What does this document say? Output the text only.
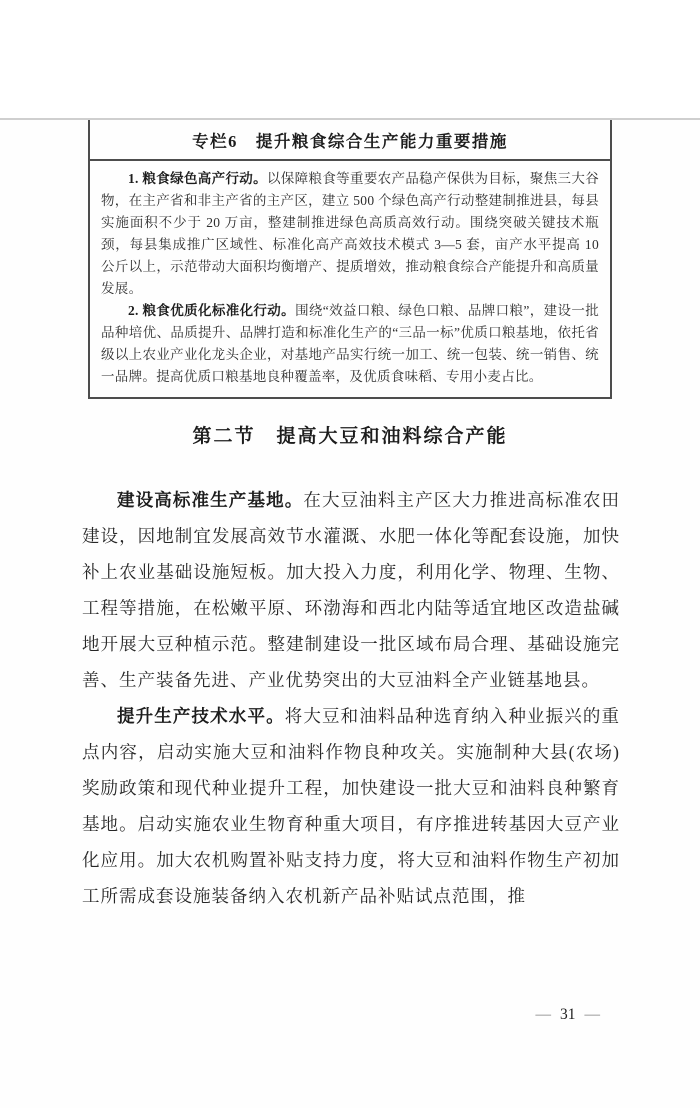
专栏6　提升粮食综合生产能力重要措施

1. 粮食绿色高产行动。以保障粮食等重要农产品稳产保供为目标，聚焦三大谷物，在主产省和非主产省的主产区，建立 500 个绿色高产行动整建制推进县，每县实施面积不少于 20 万亩，整建制推进绿色高质高效行动。围绕突破关键技术瓶颈，每县集成推广区域性、标准化高产高效技术模式 3—5 套，亩产水平提高 10 公斤以上，示范带动大面积均衡增产、提质增效，推动粮食综合产能提升和高质量发展。

2. 粮食优质化标准化行动。围绕“效益口粮、绿色口粮、品牌口粮”，建设一批品种培优、品质提升、品牌打造和标准化生产的“三品一标”优质口粮基地，依托省级以上农业产业化龙头企业，对基地产品实行统一加工、统一包装、统一销售、统一品牌。提高优质口粮基地良种覆盖率，及优质食味稻、专用小麦占比。

第二节　提高大豆和油料综合产能

建设高标准生产基地。在大豆油料主产区大力推进高标准农田建设，因地制宜发展高效节水灌溉、水肥一体化等配套设施，加快补上农业基础设施短板。加大投入力度，利用化学、物理、生物、工程等措施，在松嫩平原、环渤海和西北内陆等适宜地区改造盐碱地开展大豆种植示范。整建制建设一批区域布局合理、基础设施完善、生产装备先进、产业优势突出的大豆油料全产业链基地县。

提升生产技术水平。将大豆和油料品种选育纳入种业振兴的重点内容，启动实施大豆和油料作物良种攻关。实施制种大县(农场)奖励政策和现代种业提升工程，加快建设一批大豆和油料良种繁育基地。启动实施农业生物育种重大项目，有序推进转基因大豆产业化应用。加大农机购置补贴支持力度，将大豆和油料作物生产初加工所需成套设施装备纳入农机新产品补贴试点范围，推

— 31 —
